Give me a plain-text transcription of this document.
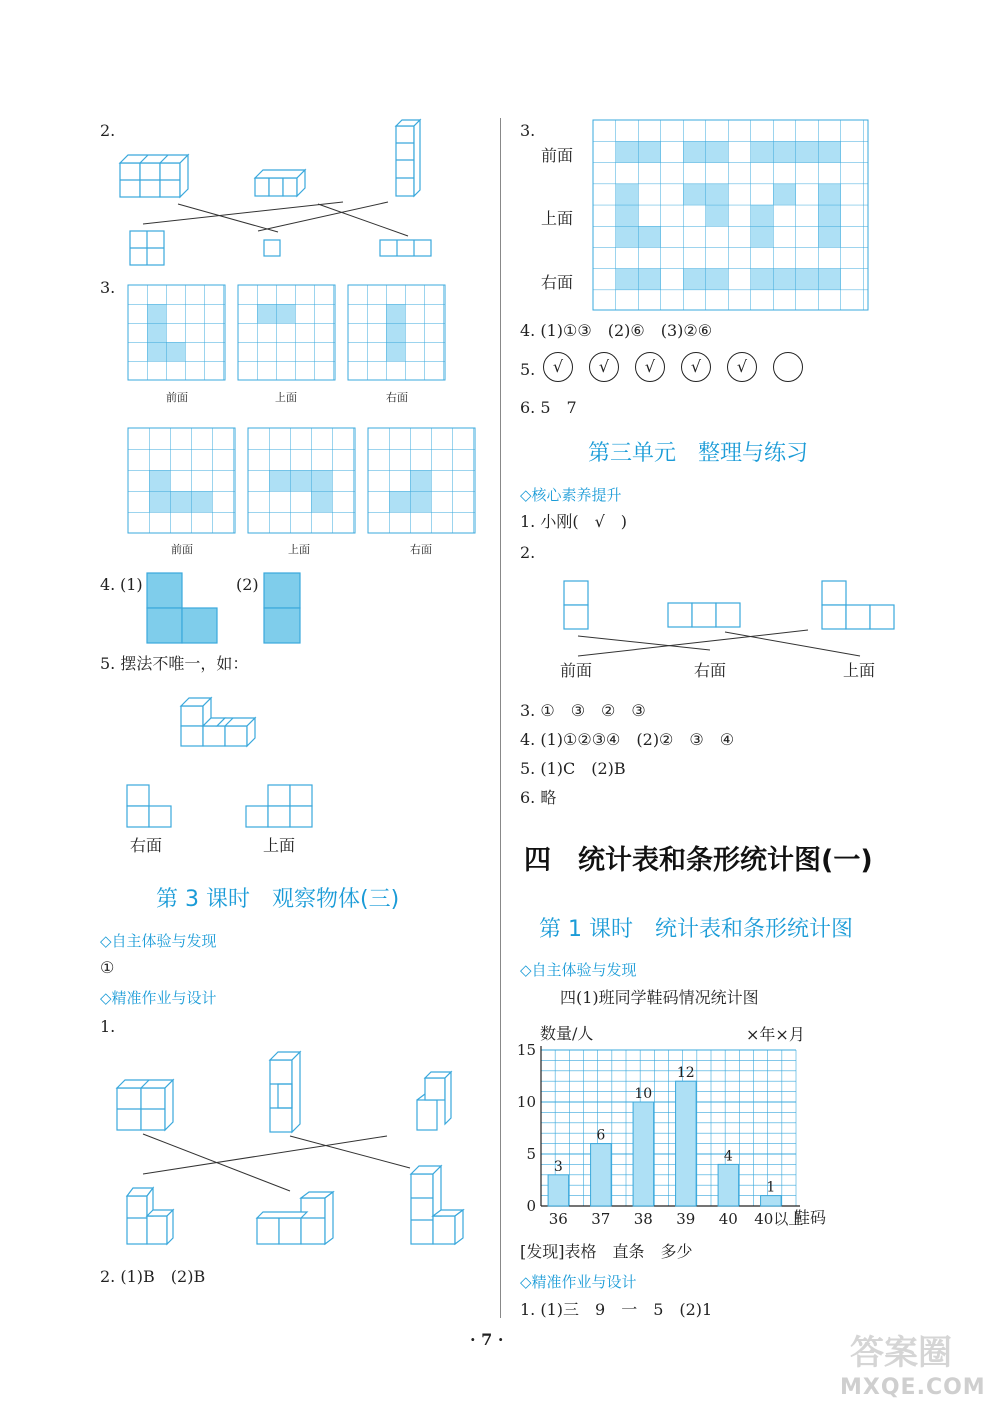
2.
3.
前面	上面	右面
前面	上面	右面
4. (1)	(2)
5. 摆法不唯一，如：
右面	上面
第 3 课时　观察物体(三)
◇自主体验与发现
①
◇精准作业与设计
1.
2. (1)B　(2)B
3.
前面
上面
右面
4. (1)①③　(2)⑥　(3)②⑥
5.	√	√	√	√	√
6. 5　7
第三单元　整理与练习
◇核心素养提升
1. 小刚(　√　)
2.
前面	右面	上面
3. ①　③　②　③
4. (1)①②③④　(2)②　③　④
5. (1)C　(2)B
6. 略
四　统计表和条形统计图(一)
第 1 课时　统计表和条形统计图
◇自主体验与发现
四(1)班同学鞋码情况统计图
数量/人	×年×月
鞋码
15
10
5
0
3
36
6
37
10
38
12
39
4
40
1
40以上
[发现]表格　直条　多少
◇精准作业与设计
1. (1)三　9　一　5　(2)1
· 7 ·	答案圈
MXQE.COM
